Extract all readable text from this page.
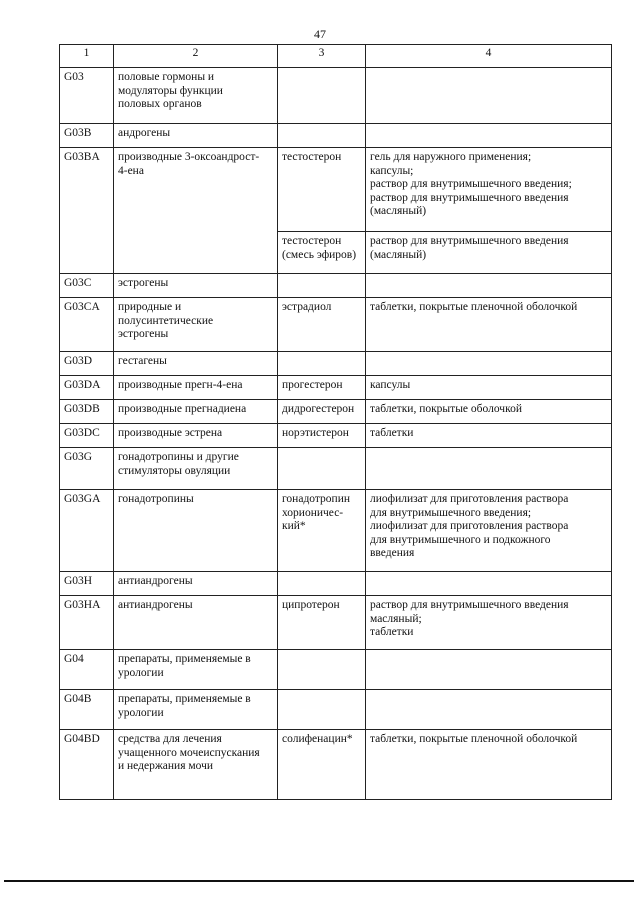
47
1	2	3	4
G03	половые гормоны и
модуляторы функции
половых органов		
G03B	андрогены		
G03BA	производные 3-оксоандрост-
4-ена	тестостерон	гель для наружного применения;
капсулы;
раствор для внутримышечного введения;
раствор для внутримышечного введения
(масляный)
		тестостерон
(смесь эфиров)	раствор для внутримышечного введения
(масляный)
G03C	эстрогены		
G03CA	природные и
полусинтетические
эстрогены	эстрадиол	таблетки, покрытые пленочной оболочкой
G03D	гестагены		
G03DA	производные прегн-4-ена	прогестерон	капсулы
G03DB	производные прегнадиена	дидрогестерон	таблетки, покрытые оболочкой
G03DC	производные эстрена	норэтистерон	таблетки
G03G	гонадотропины и другие
стимуляторы овуляции		
G03GA	гонадотропины	гонадотропин
хорионичес-
кий*	лиофилизат для приготовления раствора
для внутримышечного введения;
лиофилизат для приготовления раствора
для внутримышечного и подкожного
введения
G03H	антиандрогены		
G03HA	антиандрогены	ципротерон	раствор для внутримышечного введения
масляный;
таблетки
G04	препараты, применяемые в
урологии		
G04B	препараты, применяемые в
урологии		
G04BD	средства для лечения
учащенного мочеиспускания
и недержания мочи	солифенацин*	таблетки, покрытые пленочной оболочкой
